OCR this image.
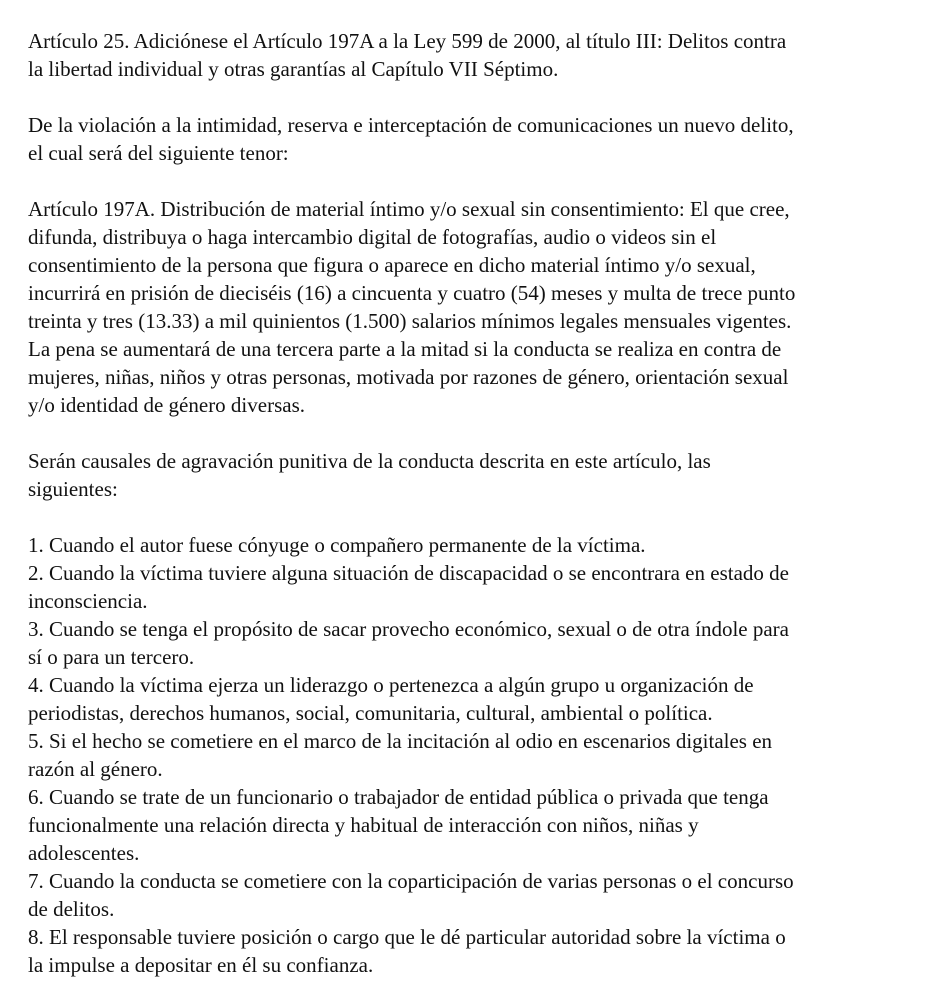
Artículo 25. Adiciónese el Artículo 197A a la Ley 599 de 2000, al título III: Delitos contra
la libertad individual y otras garantías al Capítulo VII Séptimo.

De la violación a la intimidad, reserva e interceptación de comunicaciones un nuevo delito,
el cual será del siguiente tenor:

Artículo 197A. Distribución de material íntimo y/o sexual sin consentimiento: El que cree,
difunda, distribuya o haga intercambio digital de fotografías, audio o videos sin el
consentimiento de la persona que figura o aparece en dicho material íntimo y/o sexual,
incurrirá en prisión de dieciséis (16) a cincuenta y cuatro (54) meses y multa de trece punto
treinta y tres (13.33) a mil quinientos (1.500) salarios mínimos legales mensuales vigentes.
La pena se aumentará de una tercera parte a la mitad si la conducta se realiza en contra de
mujeres, niñas, niños y otras personas, motivada por razones de género, orientación sexual
y/o identidad de género diversas.

Serán causales de agravación punitiva de la conducta descrita en este artículo, las
siguientes:

1. Cuando el autor fuese cónyuge o compañero permanente de la víctima.
2. Cuando la víctima tuviere alguna situación de discapacidad o se encontrara en estado de
inconsciencia.
3. Cuando se tenga el propósito de sacar provecho económico, sexual o de otra índole para
sí o para un tercero.
4. Cuando la víctima ejerza un liderazgo o pertenezca a algún grupo u organización de
periodistas, derechos humanos, social, comunitaria, cultural, ambiental o política.
5. Si el hecho se cometiere en el marco de la incitación al odio en escenarios digitales en
razón al género.
6. Cuando se trate de un funcionario o trabajador de entidad pública o privada que tenga
funcionalmente una relación directa y habitual de interacción con niños, niñas y
adolescentes.
7. Cuando la conducta se cometiere con la coparticipación de varias personas o el concurso
de delitos.
8. El responsable tuviere posición o cargo que le dé particular autoridad sobre la víctima o
la impulse a depositar en él su confianza.
